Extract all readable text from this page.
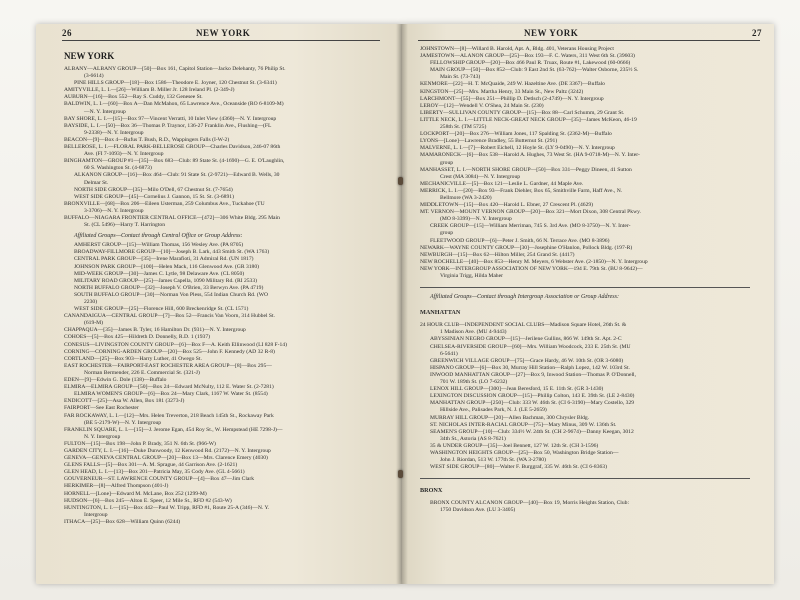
26	NEW YORK
NEW YORK
ALBANY—ALBANY GROUP—[50]—Box 161, Capitol Station—Jacko Delehanty, 76 Philip St.
(3-6614)
PINE HILLS GROUP—[18]—Box 1586—Theodore E. Joyner, 120 Chestnut St. (3-6341)
AMITYVILLE, L. I.—[26]—William B. Miller Jr. 128 Ireland Pl. (2-349-J)
AUBURN—[16]—Box 552—Ray S. Cuddy, 132 Genesee St.
BALDWIN, L. I.—[60]—Box A—Dan McMahon, 65 Lawrence Ave., Oceanside (RO 6-8109-M)
—N. Y. Intergroup
BAY SHORE, L. I.—[15]—Box 97—Vincent Verratti, 10 Inlet View (4360)—N. Y. Intergroup
BAYSIDE, L. I.—[50]—Box 36—Thomas P. Traynor, 136-27 Franklin Ave., Flushing—(FL
9-2338)—N. Y. Intergroup
BEACON—[9]—Box 4—Rufus T. Bush, R.D., Wappingers Falls (I-W-2)
BELLEROSE, L. I.—FLORAL PARK-BELLEROSE GROUP—Charles Davidson, 246-07 86th
Ave. (FI 7-1093)—N. Y. Intergroup
BINGHAMTON—GROUP #1—[35]—Box 683—Club: 89 State St. (4-1690)—G. E. O'Laughlin,
60 S. Washington St. (4-6873)
ALKANON GROUP—[16]—Box 464—Club: 91 State St. (2-9721)—Edward B. Wells, 30
Delmar St.
NORTH SIDE GROUP—[35]—Milo O'Dell, 67 Chestnut St. (7-7654)
WEST SIDE GROUP—[45]—Cornelius J. Gannon, 15 St. St. (3-6891)
BRONXVILLE—[68]—Box 206—Eileen Usterman, 259 Columbus Ave., Tuckahoe (TU
3-3706)—N. Y. Intergroup
BUFFALO—NIAGARA FRONTIER CENTRAL OFFICE—[472]—306 White Bldg. 295 Main
St. (CL 5496)—Harry T. Harrington
Affiliated Groups—Contact through Central Office or Group Address:
AMHERST GROUP—[15]—William Thomas, 156 Wesley Ave. (PA 8705)
BROADWAY-FILLMORE GROUP—[10]—Joseph B. Lark, 443 Smith St. (WA 1763)
CENTRAL PARK GROUP—[35]—Irene Marafioti, 31 Admiral Rd. (UN 1817)
JOHNSON PARK GROUP—[100]—Helen Mack, 116 Glenwood Ave. (GR 3180)
MID-WEEK GROUP—[30]—James C. Lytle, 98 Delaware Ave. (CL 8050)
MILITARY ROAD GROUP—[25]—James Capella, 1090 Military Rd. (RI 2533)
NORTH BUFFALO GROUP—[32]—Joseph V. O'Brien, 33 Berwyn Ave. (PA 4719)
SOUTH BUFFALO GROUP—[30]—Norman Von Pless, 554 Indian Church Rd. (WO
2230)
WEST SIDE GROUP—[25]—Florence Hill, 600 Breckenridge St. (CL 1571)
CANANDAIGUA—CENTRAL GROUP—[7]—Box 52—Francis Van Voorn, 314 Hubbel St.
(619-M)
CHAPPAQUA—[35]—James B. Tyler, 16 Hamilton Dr. (931)—N. Y. Intergroup
COHOES—[5]—Box 425—Hildreth D. Donnelly, R.D. 1 (1937)
CONESUS—LIVINGSTON COUNTY GROUP—[6]—Box F—A. Keith Ellinwood (LI 828 F-14)
CORNING—CORNING-ARDEN GROUP—[20]—Box 525—John F. Kennedy (AD 32 R-8)
CORTLAND—[25]—Box 903—Harry Luther, 41 Owego St.
EAST ROCHESTER—FAIRPORT-EAST ROCHESTER AREA GROUP—[8]—Box 295—
Norman Bermender, 226 E. Commercial St. (321-J)
EDEN—[9]—Edwin G. Dole (138)—Buffalo
ELMIRA—ELMIRA GROUP—[50]—Box 24—Edward McNulty, 112 E. Water St. (2-7281)
ELMIRA WOMEN'S GROUP—[6]—Box 24—Mary Clark, 1167 W. Water St. (8554)
ENDICOTT—[25]—Asa W. Allen, Box 181 (3273-J)
FAIRPORT—See East Rochester
FAR ROCKAWAY, L. I.—[12]—Mrs. Helen Treverton, 218 Beach 145th St., Rockaway Park
(BE 5-2179-W)—N. Y. Intergroup
FRANKLIN SQUARE, L. I.—[15]—J. Jerome Egan, 454 Roy St., W. Hempstead (HE 7298-J)—
N. Y. Intergroup
FULTON—[15]—Box 198—John P. Brady, 351 N. 6th St. (966-W)
GARDEN CITY, L. I.—[16]—Duke Dunwoody, 12 Kenwood Rd. (2172)—N. Y. Intergroup
GENEVA—GENEVA CENTRAL GROUP—[20]—Box 13—Mrs. Clarence Emery (4030)
GLENS FALLS—[5]—Box 301—A. M. Sprague, 44 Garrison Ave. (2-1621)
GLEN HEAD, L. I.—[13]—Box 201—Patricia May, 35 Cody Ave. (GL 4-5661)
GOUVERNEUR—ST. LAWRENCE COUNTY GROUP—[4]—Box 47—Jim Clark
HERKIMER—[8]—Alfred Thompson (401-J)
HORNELL—[Lone]—Edward M. McLane, Box 252 (1299-M)
HUDSON—[6]—Box 245—Alton E. Speer, 12 Mile St., RFD #2 (543-W)
HUNTINGTON, L. I.—[15]—Box 442—Paul W. Tripp, RFD #1, Route 25-A (346)—N. Y.
Intergroup
ITHACA—[25]—Box 628—William Quinn (6244)
NEW YORK	27
JOHNSTOWN—[8]—Willard B. Harold, Apt. A, Bldg. 401, Veterans Housing Project
JAMESTOWN—ALANON GROUP—[25]—Box 193—F. C. Waters, 311 West 6th St. (39603)
FELLOWSHIP GROUP—[20]—Box 466 Paul R. Truax, Route #1, Lakewood (60-0666)
MAIN GROUP—[50]—Box 852—Club: 9 East 2nd St. (63-762)—Walter Osborne, 235½ S.
Main St. (73-743)
KENMORE—[22]—H. T. McQuaide, 249 W. Hazeltine Ave. (DE 3367)—Buffalo
KINGSTON—[25]—Mrs. Martha Henry, 33 Main St., New Paltz (3242)
LARCHMONT—[55]—Box 251—Phillip D. Detlsch (2-4749)—N. Y. Intergroup
LEROY—[12]—Wendell V. O'Shea, 24 Main St. (230)
LIBERTY—SULLIVAN COUNTY GROUP—[15]—Box 88—Carl Schumm, 29 Grant St.
LITTLE NECK, L. I.—LITTLE NECK-GREAT NECK GROUP—[35]—James McKeon, 46-19
258th St. (TM 5725)
LOCKPORT—[20]—Box 276—William Jones, 117 Spalding St. (2362-M)—Buffalo
LYONS—[Lone]—Lawrence Bradley, 55 Butternut St. (291)
MALVERNE, L. I.—[7]—Robert Eichell, 12 Hoyle St. (LY 9-0490)—N. Y. Intergroup
MAMARONECK—[6]—Box 538—Harold A. Hughes, 73 West St. (HA 9-0718-M)—N. Y. Inter-
group
MANHASSET, L. I.—NORTH SHORE GROUP—[50]—Box 331—Peggy Dineen, 41 Sutton
Crest (MA 3084)—N. Y. Intergroup
MECHANICVILLE—[5]—Box 121—Leslie L. Gardner, 44 Maple Ave.
MERRICK, L. I.—[20]—Box 93—Frank Diehler, Box 65, Smithville Farm, Haff Ave., N.
Bellmore (WA 3-2420)
MIDDLETOWN—[15]—Box 420—Harold L. Ebner, 27 Crescent Pl. (4629)
MT. VERNON—MOUNT VERNON GROUP—[20]—Box 321—Mort Dixon, 308 Central Pkwy.
(MO 8-3399)—N. Y. Intergroup
CREEK GROUP—[15]—William Merriman, 745 S. 3rd Ave. (MO 8-3750)—N. Y. Inter-
group
FLEETWOOD GROUP—[6]—Peter J. Smith, 66 N. Terrace Ave. (MO 8-3896)
NEWARK—WAYNE COUNTY GROUP—[30]—Josephine O'Hanlon, Pollock Bldg. (197-R)
NEWBURGH—[15]—Box 62—Hilton Miller, 254 Grand St. (4417)
NEW ROCHELLE—[40]—Box 853—Henry M. Meyers, 6 Webster Ave. (2-1850)—N. Y. Intergroup
NEW YORK—INTERGROUP ASSOCIATION OF NEW YORK—194 E. 79th St. (BU 8-9642)—
Virginia Trigg, Hilda Maher
Affiliated Groups—Contact through Intergroup Association or Group Address:
MANHATTAN
24 HOUR CLUB—INDEPENDENT SOCIAL CLUBS—Madison Square Hotel, 26th St. &
1 Madison Ave. (MU 4-9443)
ABYSSINIAN NEGRO GROUP—[15]—Jerilene Gullins, 866 W. 149th St. Apt. 2-C
CHELSEA-RIVERSIDE GROUP—[60]—Mrs. William Woodcock, 233 E. 25th St. (MU
6-5641)
GREENWICH VILLAGE GROUP—[75]—Grace Hardy, 46 W. 10th St. (OR 3-6080)
HISPANO GROUP—[6]—Box 30, Murray Hill Station—Ralph Lopez, 142 W. 103rd St.
INWOOD MANHATTAN GROUP—[27]—Box 9, Inwood Station—Thomas P. O'Donnell,
701 W. 189th St. (LO 7-6232)
LENOX HILL GROUP—[300]—Jean Beresford, 15 E. 11th St. (GR 3-1430)
LEXINGTON DISCUSSION GROUP—[15]—Phillip Colton, 143 E. 39th St. (LE 2-8430)
MANHATTAN GROUP—[250]—Club: 333 W. 46th St. (CI 6-3190)—Mary Costello, 329
Hillside Ave., Palisades Park, N. J. (LE 5-2659)
MURRAY HILL GROUP—[20]—Allen Bachman, 300 Chrysler Bldg.
ST. NICHOLAS INTER-RACIAL GROUP—[75]—Mary Minus, 309 W. 136th St.
SEAMEN'S GROUP—[10]—Club: 334½ W. 24th St. (CH 2-9674)—Danny Keegan, 3012
34th St., Astoria (AS 8-7621)
35 & UNDER GROUP—[35]—Joel Bennett, 127 W. 12th St. (CH 3-1596)
WASHINGTON HEIGHTS GROUP—[25]—Box 50, Washington Bridge Station—
John J. Riordan, 513 W. 177th St. (WA 3-2780)
WEST SIDE GROUP—[80]—Walter F. Burggraf, 335 W. 46th St. (CI 6-8363)
BRONX
BRONX COUNTY ALCANON GROUP—[40]—Box 19, Morris Heights Station, Club:
1750 Davidson Ave. (LU 3-3405)
